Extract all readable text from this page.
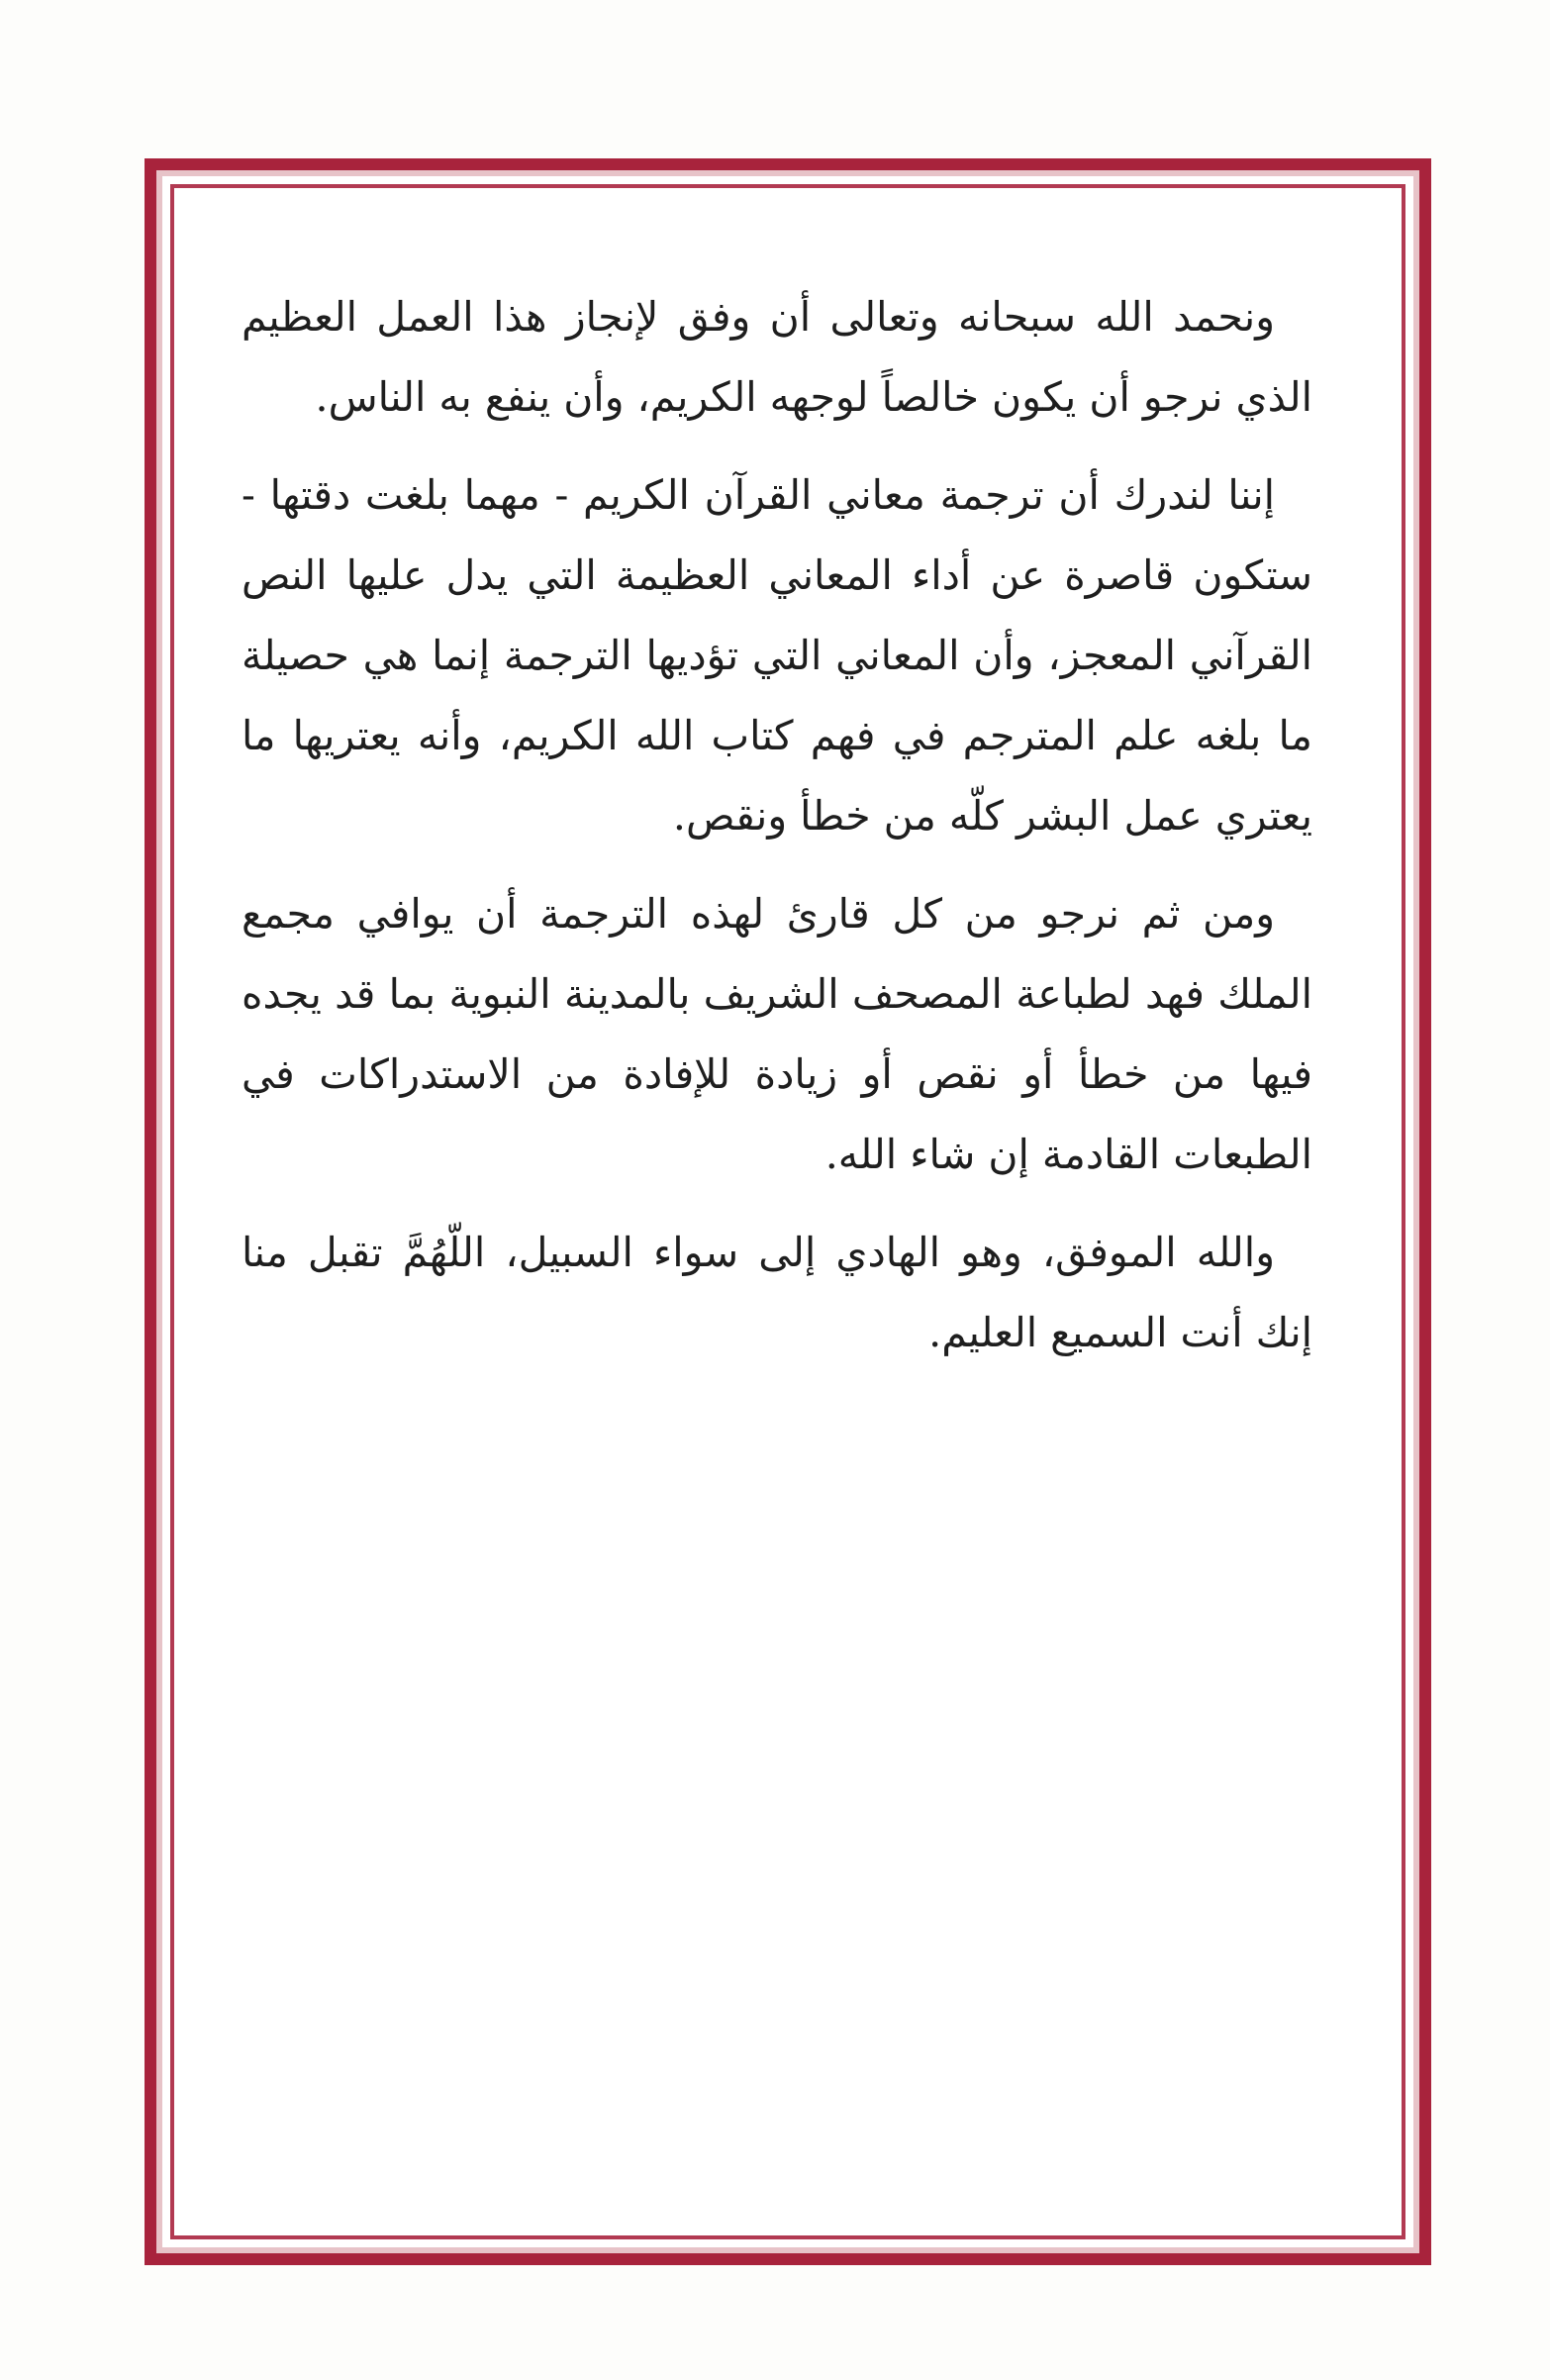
ونحمد الله سبحانه وتعالى أن وفق لإنجاز هذا العمل العظيم الذي نرجو أن يكون خالصاً لوجهه الكريم، وأن ينفع به الناس.

إننا لندرك أن ترجمة معاني القرآن الكريم - مهما بلغت دقتها - ستكون قاصرة عن أداء المعاني العظيمة التي يدل عليها النص القرآني المعجز، وأن المعاني التي تؤديها الترجمة إنما هي حصيلة ما بلغه علم المترجم في فهم كتاب الله الكريم، وأنه يعتريها ما يعتري عمل البشر كلّه من خطأ ونقص.

ومن ثم نرجو من كل قارئ لهذه الترجمة أن يوافي مجمع الملك فهد لطباعة المصحف الشريف بالمدينة النبوية بما قد يجده فيها من خطأ أو نقص أو زيادة للإفادة من الاستدراكات في الطبعات القادمة إن شاء الله.

والله الموفق، وهو الهادي إلى سواء السبيل، اللّهُمَّ تقبل منا إنك أنت السميع العليم.
